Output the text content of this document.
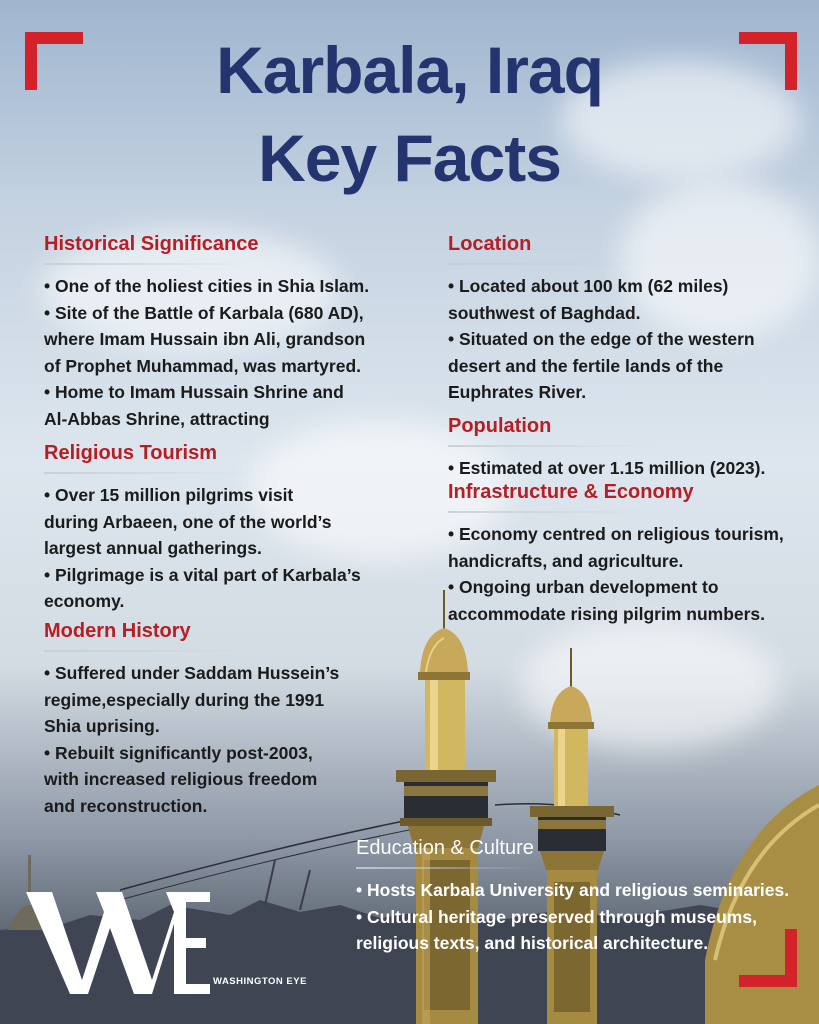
Karbala, Iraq
Key Facts
Historical Significance
• One of the holiest cities in Shia Islam.
• Site of the Battle of Karbala (680 AD),
where Imam Hussain ibn Ali, grandson
of Prophet Muhammad, was martyred.
• Home to Imam Hussain Shrine and
Al-Abbas Shrine, attracting
Religious Tourism
• Over 15 million pilgrims visit
during Arbaeen, one of the world’s
largest annual gatherings.
• Pilgrimage is a vital part of Karbala’s
economy.
Modern History
• Suffered under Saddam Hussein’s
regime,especially during the 1991
Shia uprising.
• Rebuilt significantly post-2003,
with increased religious freedom
and reconstruction.
Location
• Located about 100 km (62 miles)
southwest of Baghdad.
• Situated on the edge of the western
desert and the fertile lands of the
Euphrates River.
Population
• Estimated at over 1.15 million (2023).
Infrastructure & Economy
• Economy centred on religious tourism,
handicrafts, and agriculture.
• Ongoing urban development to
accommodate rising pilgrim numbers.
Education & Culture
• Hosts Karbala University and religious seminaries.
• Cultural heritage preserved through museums,
religious texts, and historical architecture.
WASHINGTON EYE
